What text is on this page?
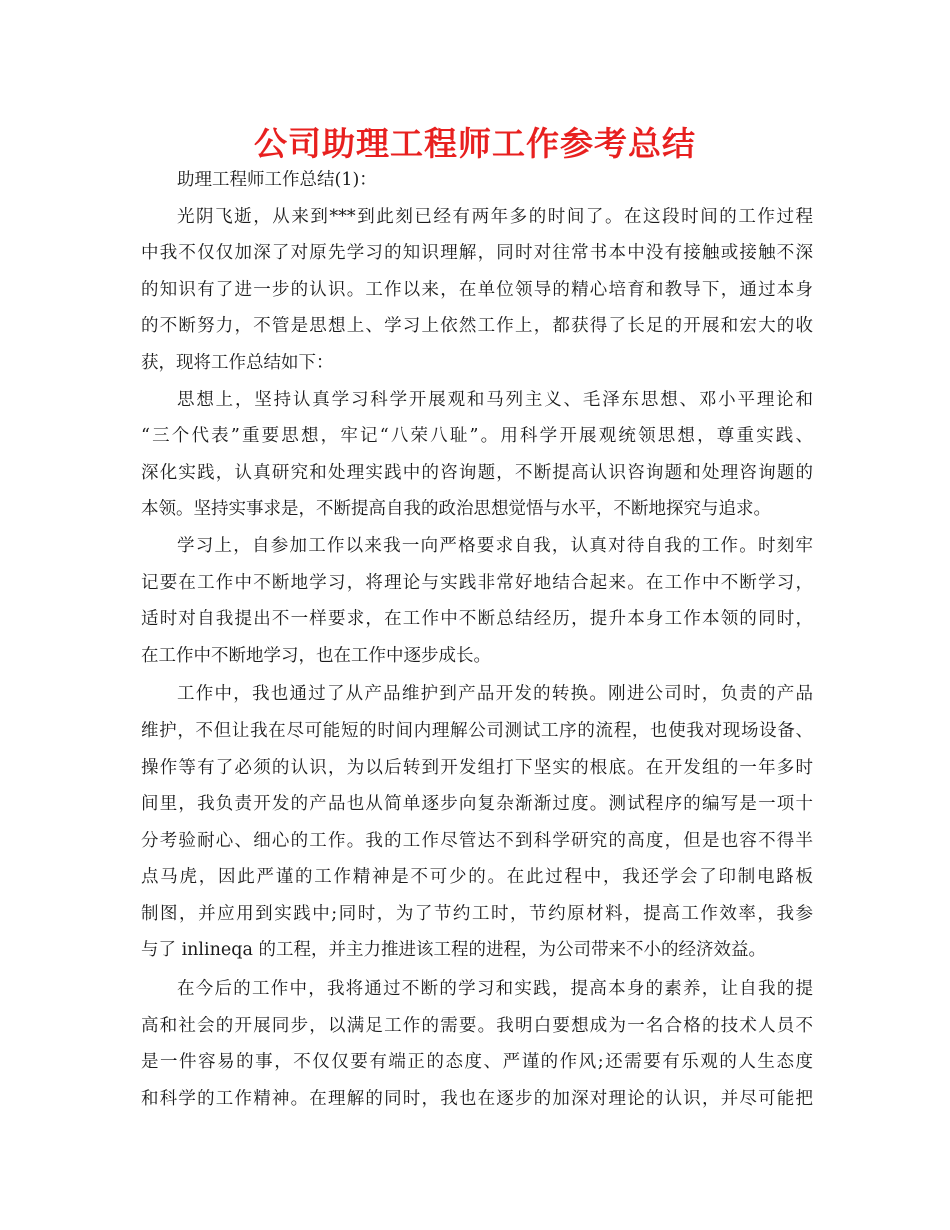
公司助理工程师工作参考总结
助理工程师工作总结(1)：
光阴飞逝，从来到***到此刻已经有两年多的时间了。在这段时间的工作过程
中我不仅仅加深了对原先学习的知识理解，同时对往常书本中没有接触或接触不深
的知识有了进一步的认识。工作以来，在单位领导的精心培育和教导下，通过本身
的不断努力，不管是思想上、学习上依然工作上，都获得了长足的开展和宏大的收
获，现将工作总结如下：
思想上，坚持认真学习科学开展观和马列主义、毛泽东思想、邓小平理论和
“三个代表”重要思想，牢记“八荣八耻”。用科学开展观统领思想，尊重实践、
深化实践，认真研究和处理实践中的咨询题，不断提高认识咨询题和处理咨询题的
本领。坚持实事求是，不断提高自我的政治思想觉悟与水平，不断地探究与追求。
学习上，自参加工作以来我一向严格要求自我，认真对待自我的工作。时刻牢
记要在工作中不断地学习，将理论与实践非常好地结合起来。在工作中不断学习，
适时对自我提出不一样要求，在工作中不断总结经历，提升本身工作本领的同时，
在工作中不断地学习，也在工作中逐步成长。
工作中，我也通过了从产品维护到产品开发的转换。刚进公司时，负责的产品
维护，不但让我在尽可能短的时间内理解公司测试工序的流程，也使我对现场设备、
操作等有了必须的认识，为以后转到开发组打下坚实的根底。在开发组的一年多时
间里，我负责开发的产品也从简单逐步向复杂渐渐过度。测试程序的编写是一项十
分考验耐心、细心的工作。我的工作尽管达不到科学研究的高度，但是也容不得半
点马虎，因此严谨的工作精神是不可少的。在此过程中，我还学会了印制电路板
制图，并应用到实践中;同时，为了节约工时，节约原材料，提高工作效率，我参
与了 inlineqa 的工程，并主力推进该工程的进程，为公司带来不小的经济效益。
在今后的工作中，我将通过不断的学习和实践，提高本身的素养，让自我的提
高和社会的开展同步，以满足工作的需要。我明白要想成为一名合格的技术人员不
是一件容易的事，不仅仅要有端正的态度、严谨的作风;还需要有乐观的人生态度
和科学的工作精神。在理解的同时，我也在逐步的加深对理论的认识，并尽可能把
